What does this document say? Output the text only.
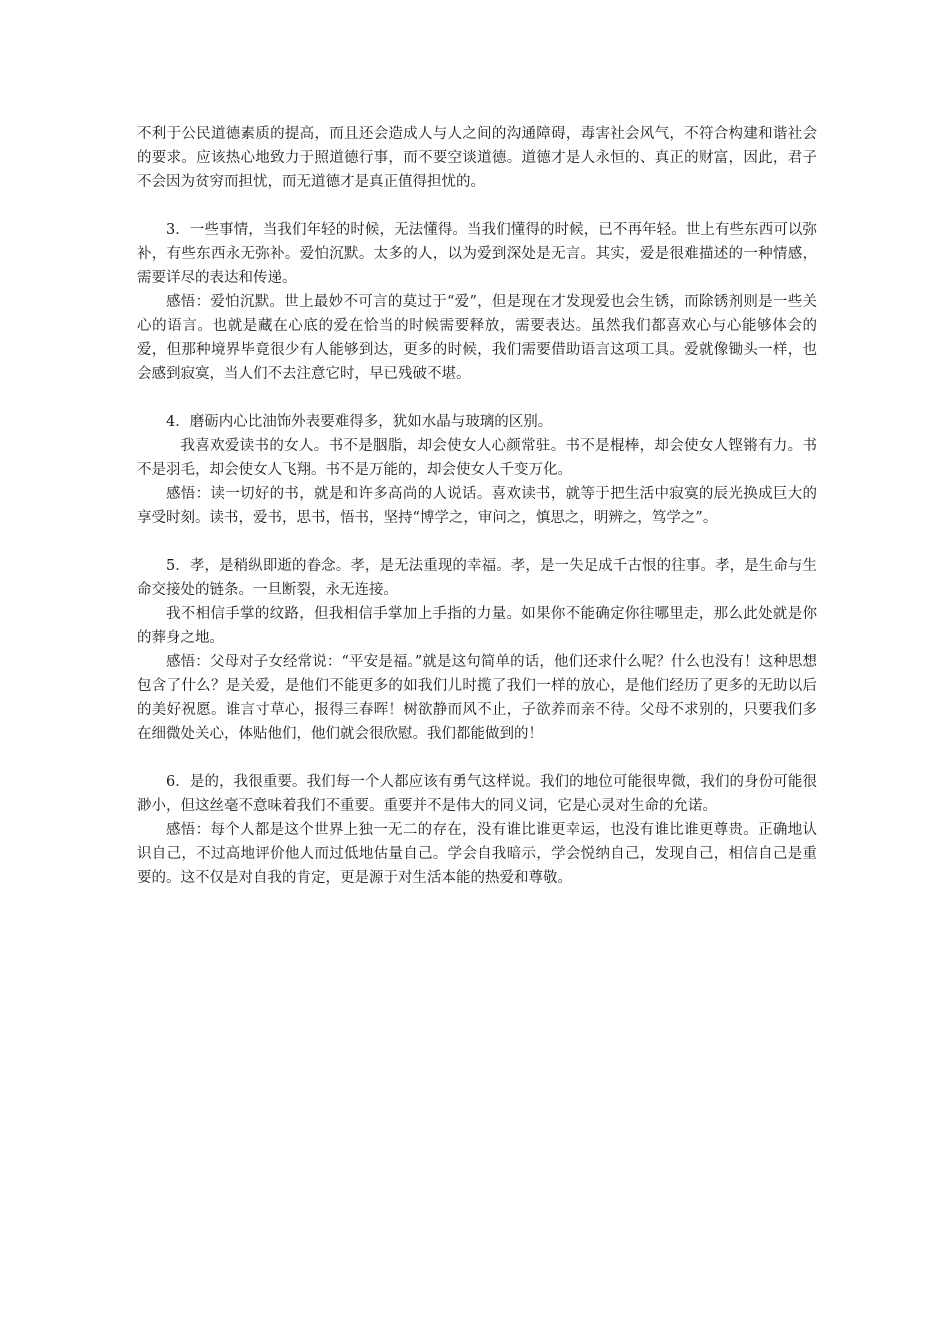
不利于公民道德素质的提高，而且还会造成人与人之间的沟通障碍，毒害社会风气，不符合构建和谐社会的要求。应该热心地致力于照道德行事，而不要空谈道德。道德才是人永恒的、真正的财富，因此，君子不会因为贫穷而担忧，而无道德才是真正值得担忧的。

3．一些事情，当我们年轻的时候，无法懂得。当我们懂得的时候，已不再年轻。世上有些东西可以弥补，有些东西永无弥补。爱怕沉默。太多的人，以为爱到深处是无言。其实，爱是很难描述的一种情感，需要详尽的表达和传递。

感悟：爱怕沉默。世上最妙不可言的莫过于“爱”，但是现在才发现爱也会生锈，而除锈剂则是一些关心的语言。也就是藏在心底的爱在恰当的时候需要释放，需要表达。虽然我们都喜欢心与心能够体会的爱，但那种境界毕竟很少有人能够到达，更多的时候，我们需要借助语言这项工具。爱就像锄头一样，也会感到寂寞，当人们不去注意它时，早已残破不堪。

4．磨砺内心比油饰外表要难得多，犹如水晶与玻璃的区别。

我喜欢爱读书的女人。书不是胭脂，却会使女人心颜常驻。书不是棍棒，却会使女人铿锵有力。书不是羽毛，却会使女人飞翔。书不是万能的，却会使女人千变万化。

感悟：读一切好的书，就是和许多高尚的人说话。喜欢读书，就等于把生活中寂寞的辰光换成巨大的享受时刻。读书，爱书，思书，悟书，坚持“博学之，审问之，慎思之，明辨之，笃学之”。

5．孝，是稍纵即逝的眷念。孝，是无法重现的幸福。孝，是一失足成千古恨的往事。孝，是生命与生命交接处的链条。一旦断裂，永无连接。

我不相信手掌的纹路，但我相信手掌加上手指的力量。如果你不能确定你往哪里走，那么此处就是你的葬身之地。

感悟：父母对子女经常说：“平安是福。”就是这句简单的话，他们还求什么呢？什么也没有！这种思想包含了什么？是关爱，是他们不能更多的如我们儿时揽了我们一样的放心，是他们经历了更多的无助以后的美好祝愿。谁言寸草心，报得三春晖！树欲静而风不止，子欲养而亲不待。父母不求别的，只要我们多在细微处关心，体贴他们，他们就会很欣慰。我们都能做到的！

6．是的，我很重要。我们每一个人都应该有勇气这样说。我们的地位可能很卑微，我们的身份可能很渺小，但这丝毫不意味着我们不重要。重要并不是伟大的同义词，它是心灵对生命的允诺。

感悟：每个人都是这个世界上独一无二的存在，没有谁比谁更幸运，也没有谁比谁更尊贵。正确地认识自己，不过高地评价他人而过低地估量自己。学会自我暗示，学会悦纳自己，发现自己，相信自己是重要的。这不仅是对自我的肯定，更是源于对生活本能的热爱和尊敬。
